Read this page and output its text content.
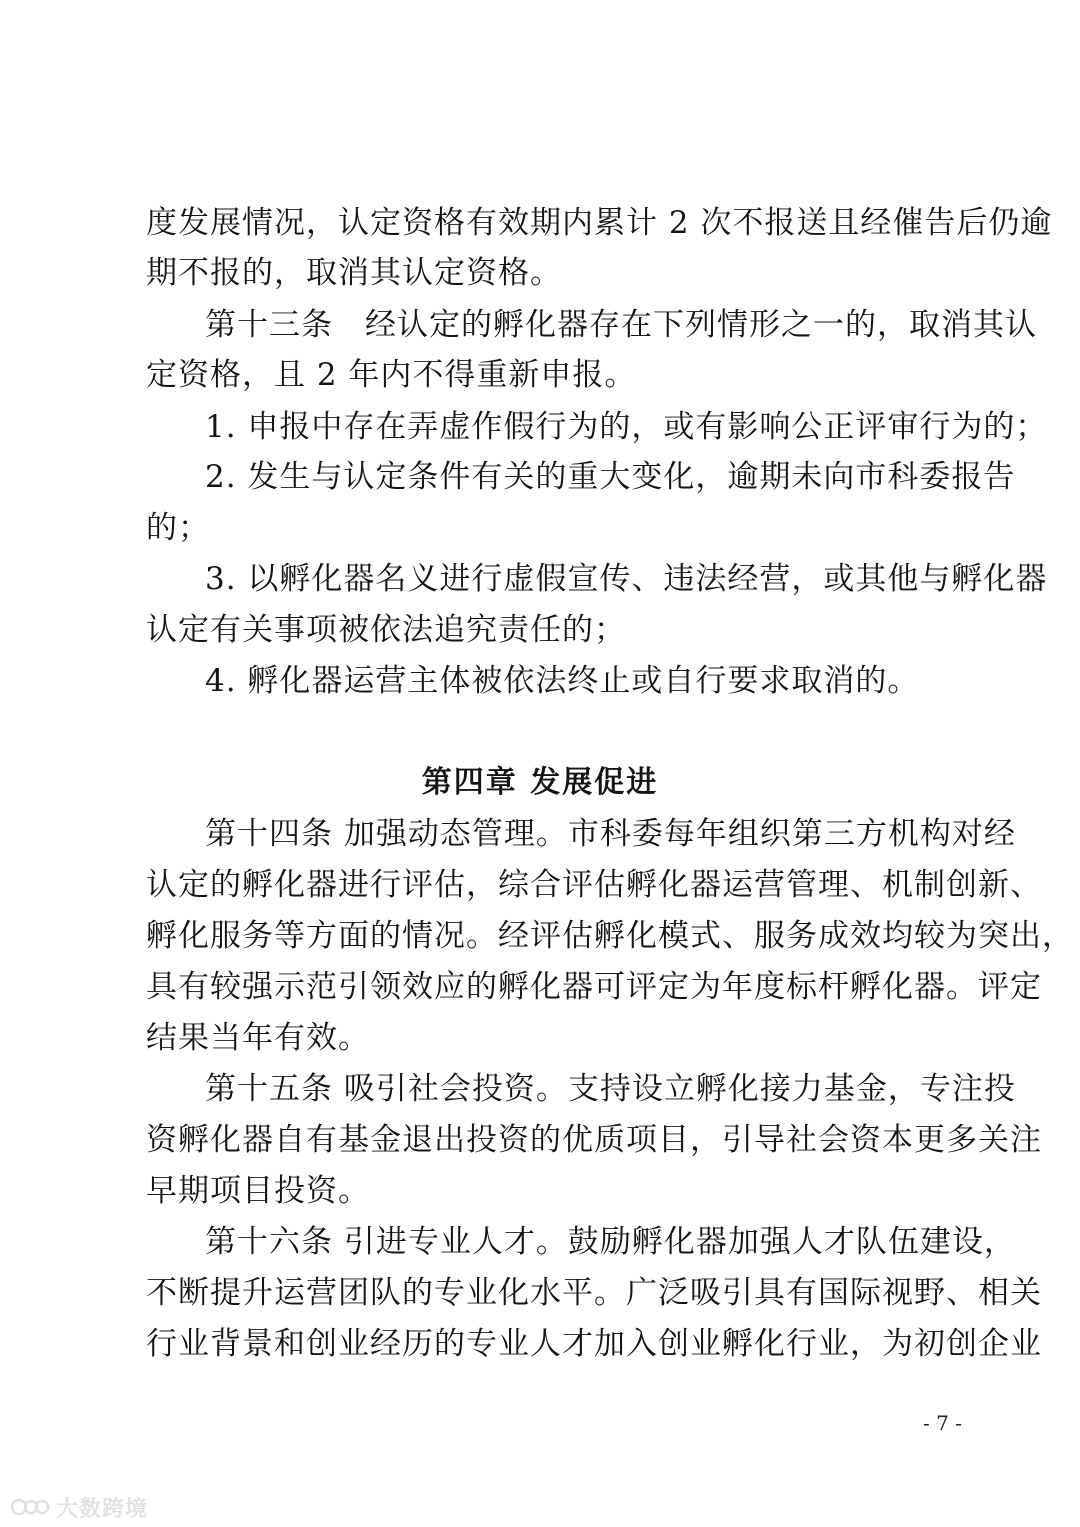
度发展情况，认定资格有效期内累计 2 次不报送且经催告后仍逾
期不报的，取消其认定资格。
第十三条　经认定的孵化器存在下列情形之一的，取消其认
定资格，且 2 年内不得重新申报。
1. 申报中存在弄虚作假行为的，或有影响公正评审行为的；
2. 发生与认定条件有关的重大变化，逾期未向市科委报告
的；
3. 以孵化器名义进行虚假宣传、违法经营，或其他与孵化器
认定有关事项被依法追究责任的；
4. 孵化器运营主体被依法终止或自行要求取消的。
第四章 发展促进
第十四条 加强动态管理。市科委每年组织第三方机构对经
认定的孵化器进行评估，综合评估孵化器运营管理、机制创新、
孵化服务等方面的情况。经评估孵化模式、服务成效均较为突出，
具有较强示范引领效应的孵化器可评定为年度标杆孵化器。评定
结果当年有效。
第十五条 吸引社会投资。支持设立孵化接力基金，专注投
资孵化器自有基金退出投资的优质项目，引导社会资本更多关注
早期项目投资。
第十六条 引进专业人才。鼓励孵化器加强人才队伍建设，
不断提升运营团队的专业化水平。广泛吸引具有国际视野、相关
行业背景和创业经历的专业人才加入创业孵化行业，为初创企业
- 7 -
大数跨境
